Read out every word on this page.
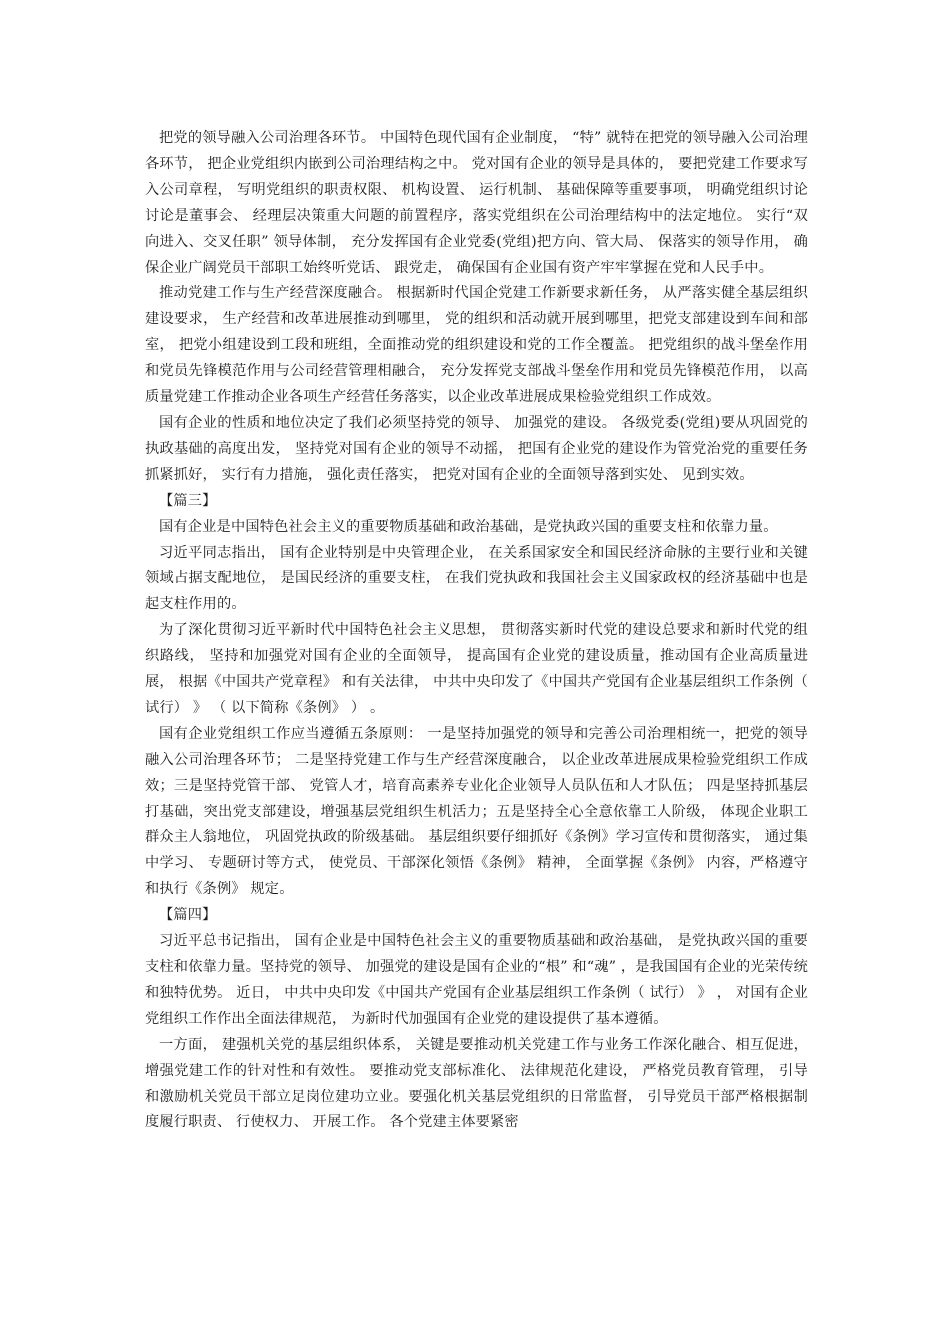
把党的领导融入公司治理各环节。 中国特色现代国有企业制度， “特” 就特在把党的领导融入公司治理各环节， 把企业党组织内嵌到公司治理结构之中。 党对国有企业的领导是具体的， 要把党建工作要求写入公司章程， 写明党组织的职责权限、 机构设置、 运行机制、 基础保障等重要事项， 明确党组织讨论讨论是董事会、 经理层决策重大问题的前置程序，落实党组织在公司治理结构中的法定地位。 实行“双向进入、交叉任职” 领导体制， 充分发挥国有企业党委(党组)把方向、管大局、 保落实的领导作用， 确保企业广阔党员干部职工始终听党话、 跟党走， 确保国有企业国有资产牢牢掌握在党和人民手中。

推动党建工作与生产经营深度融合。 根据新时代国企党建工作新要求新任务， 从严落实健全基层组织建设要求， 生产经营和改革进展推动到哪里， 党的组织和活动就开展到哪里，把党支部建设到车间和部室， 把党小组建设到工段和班组，全面推动党的组织建设和党的工作全覆盖。 把党组织的战斗堡垒作用和党员先锋模范作用与公司经营管理相融合， 充分发挥党支部战斗堡垒作用和党员先锋模范作用， 以高质量党建工作推动企业各项生产经营任务落实，以企业改革进展成果检验党组织工作成效。

国有企业的性质和地位决定了我们必须坚持党的领导、 加强党的建设。 各级党委(党组)要从巩固党的执政基础的高度出发， 坚持党对国有企业的领导不动摇， 把国有企业党的建设作为管党治党的重要任务抓紧抓好， 实行有力措施， 强化责任落实， 把党对国有企业的全面领导落到实处、 见到实效。

【篇三】

国有企业是中国特色社会主义的重要物质基础和政治基础，是党执政兴国的重要支柱和依靠力量。

习近平同志指出， 国有企业特别是中央管理企业， 在关系国家安全和国民经济命脉的主要行业和关键领域占据支配地位， 是国民经济的重要支柱， 在我们党执政和我国社会主义国家政权的经济基础中也是起支柱作用的。

为了深化贯彻习近平新时代中国特色社会主义思想， 贯彻落实新时代党的建设总要求和新时代党的组织路线， 坚持和加强党对国有企业的全面领导， 提高国有企业党的建设质量，推动国有企业高质量进展， 根据《中国共产党章程》 和有关法律， 中共中央印发了《中国共产党国有企业基层组织工作条例（ 试行） 》 （ 以下简称《条例》 ） 。

国有企业党组织工作应当遵循五条原则： 一是坚持加强党的领导和完善公司治理相统一，把党的领导融入公司治理各环节； 二是坚持党建工作与生产经营深度融合， 以企业改革进展成果检验党组织工作成效；三是坚持党管干部、 党管人才，培育高素养专业化企业领导人员队伍和人才队伍； 四是坚持抓基层打基础，突出党支部建设，增强基层党组织生机活力；五是坚持全心全意依靠工人阶级， 体现企业职工群众主人翁地位， 巩固党执政的阶级基础。 基层组织要仔细抓好《条例》学习宣传和贯彻落实， 通过集中学习、 专题研讨等方式， 使党员、干部深化领悟《条例》 精神， 全面掌握《条例》 内容，严格遵守和执行《条例》 规定。

【篇四】

习近平总书记指出， 国有企业是中国特色社会主义的重要物质基础和政治基础， 是党执政兴国的重要支柱和依靠力量。坚持党的领导、 加强党的建设是国有企业的“根” 和“魂” ，是我国国有企业的光荣传统和独特优势。 近日， 中共中央印发《中国共产党国有企业基层组织工作条例（ 试行） 》 ， 对国有企业党组织工作作出全面法律规范， 为新时代加强国有企业党的建设提供了基本遵循。

一方面， 建强机关党的基层组织体系， 关键是要推动机关党建工作与业务工作深化融合、相互促进， 增强党建工作的针对性和有效性。 要推动党支部标准化、 法律规范化建设， 严格党员教育管理， 引导和激励机关党员干部立足岗位建功立业。要强化机关基层党组织的日常监督， 引导党员干部严格根据制度履行职责、 行使权力、 开展工作。 各个党建主体要紧密
